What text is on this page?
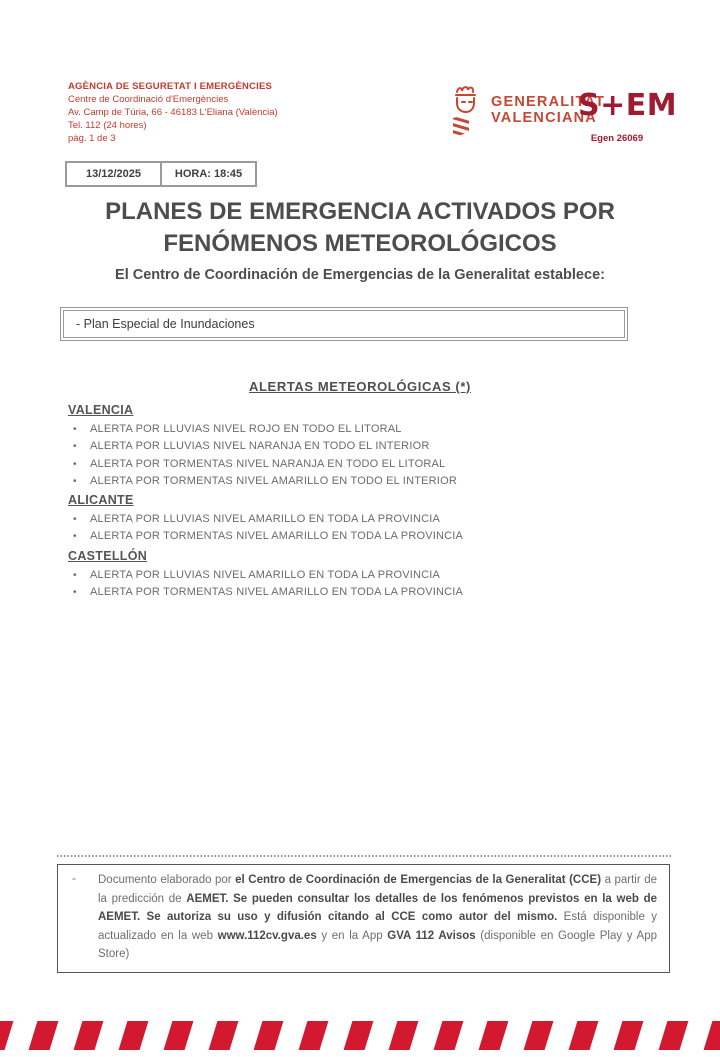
AGÈNCIA DE SEGURETAT I EMERGÈNCIES
Centre de Coordinació d'Emergències
Av. Camp de Túria, 66 - 46183 L'Eliana (València)
Tel. 112 (24 hores)
pàg. 1 de 3
GENERALITAT
VALENCIANA
S+EM
Egen 26069
13/12/2025	HORA: 18:45
PLANES DE EMERGENCIA ACTIVADOS POR
FENÓMENOS METEOROLÓGICOS
El Centro de Coordinación de Emergencias de la Generalitat establece:
- Plan Especial de Inundaciones
ALERTAS METEOROLÓGICAS (*)
VALENCIA
•	ALERTA POR LLUVIAS NIVEL ROJO EN TODO EL LITORAL
•	ALERTA POR LLUVIAS NIVEL NARANJA EN TODO EL INTERIOR
•	ALERTA POR TORMENTAS NIVEL NARANJA EN TODO EL LITORAL
•	ALERTA POR TORMENTAS NIVEL AMARILLO EN TODO EL INTERIOR
ALICANTE
•	ALERTA POR LLUVIAS NIVEL AMARILLO EN TODA LA PROVINCIA
•	ALERTA POR TORMENTAS NIVEL AMARILLO EN TODA LA PROVINCIA
CASTELLÓN
•	ALERTA POR LLUVIAS NIVEL AMARILLO EN TODA LA PROVINCIA
•	ALERTA POR TORMENTAS NIVEL AMARILLO EN TODA LA PROVINCIA
-	Documento elaborado por el Centro de Coordinación de Emergencias de la Generalitat (CCE) a partir de la predicción de AEMET. Se pueden consultar los detalles de los fenómenos previstos en la web de AEMET. Se autoriza su uso y difusión citando al CCE como autor del mismo. Está disponible y actualizado en la web www.112cv.gva.es y en la App GVA 112 Avisos (disponible en Google Play y App Store)
